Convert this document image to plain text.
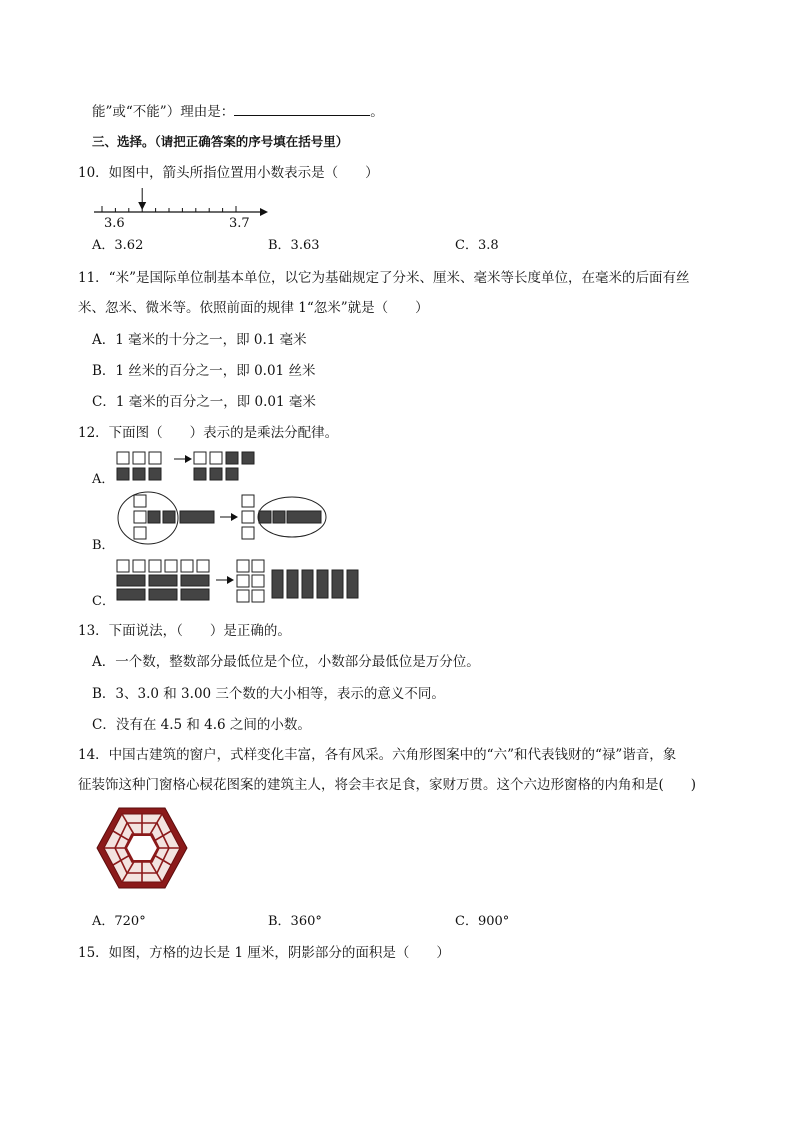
能”或“不能”）理由是：	。
三、选择。（请把正确答案的序号填在括号里）
10．如图中，箭头所指位置用小数表示是（　　）
3.6	3.7
A．3.62	B．3.63	C．3.8
11．“米”是国际单位制基本单位，以它为基础规定了分米、厘米、毫米等长度单位，在毫米的后面有丝
米、忽米、微米等。依照前面的规律 1“忽米”就是（　　）
A．1 毫米的十分之一，即 0.1 毫米
B．1 丝米的百分之一，即 0.01 丝米
C．1 毫米的百分之一，即 0.01 毫米
12．下面图（　　）表示的是乘法分配律。
A．
B．
C．
13．下面说法，（　　）是正确的。
A．一个数，整数部分最低位是个位，小数部分最低位是万分位。
B．3、3.0 和 3.00 三个数的大小相等，表示的意义不同。
C．没有在 4.5 和 4.6 之间的小数。
14．中国古建筑的窗户，式样变化丰富，各有风采。六角形图案中的“六”和代表钱财的“禄”谐音，象
征装饰这种门窗格心棂花图案的建筑主人，将会丰衣足食，家财万贯。这个六边形窗格的内角和是(　　)
A．720°	B．360°	C．900°
15．如图，方格的边长是 1 厘米，阴影部分的面积是（　　）
